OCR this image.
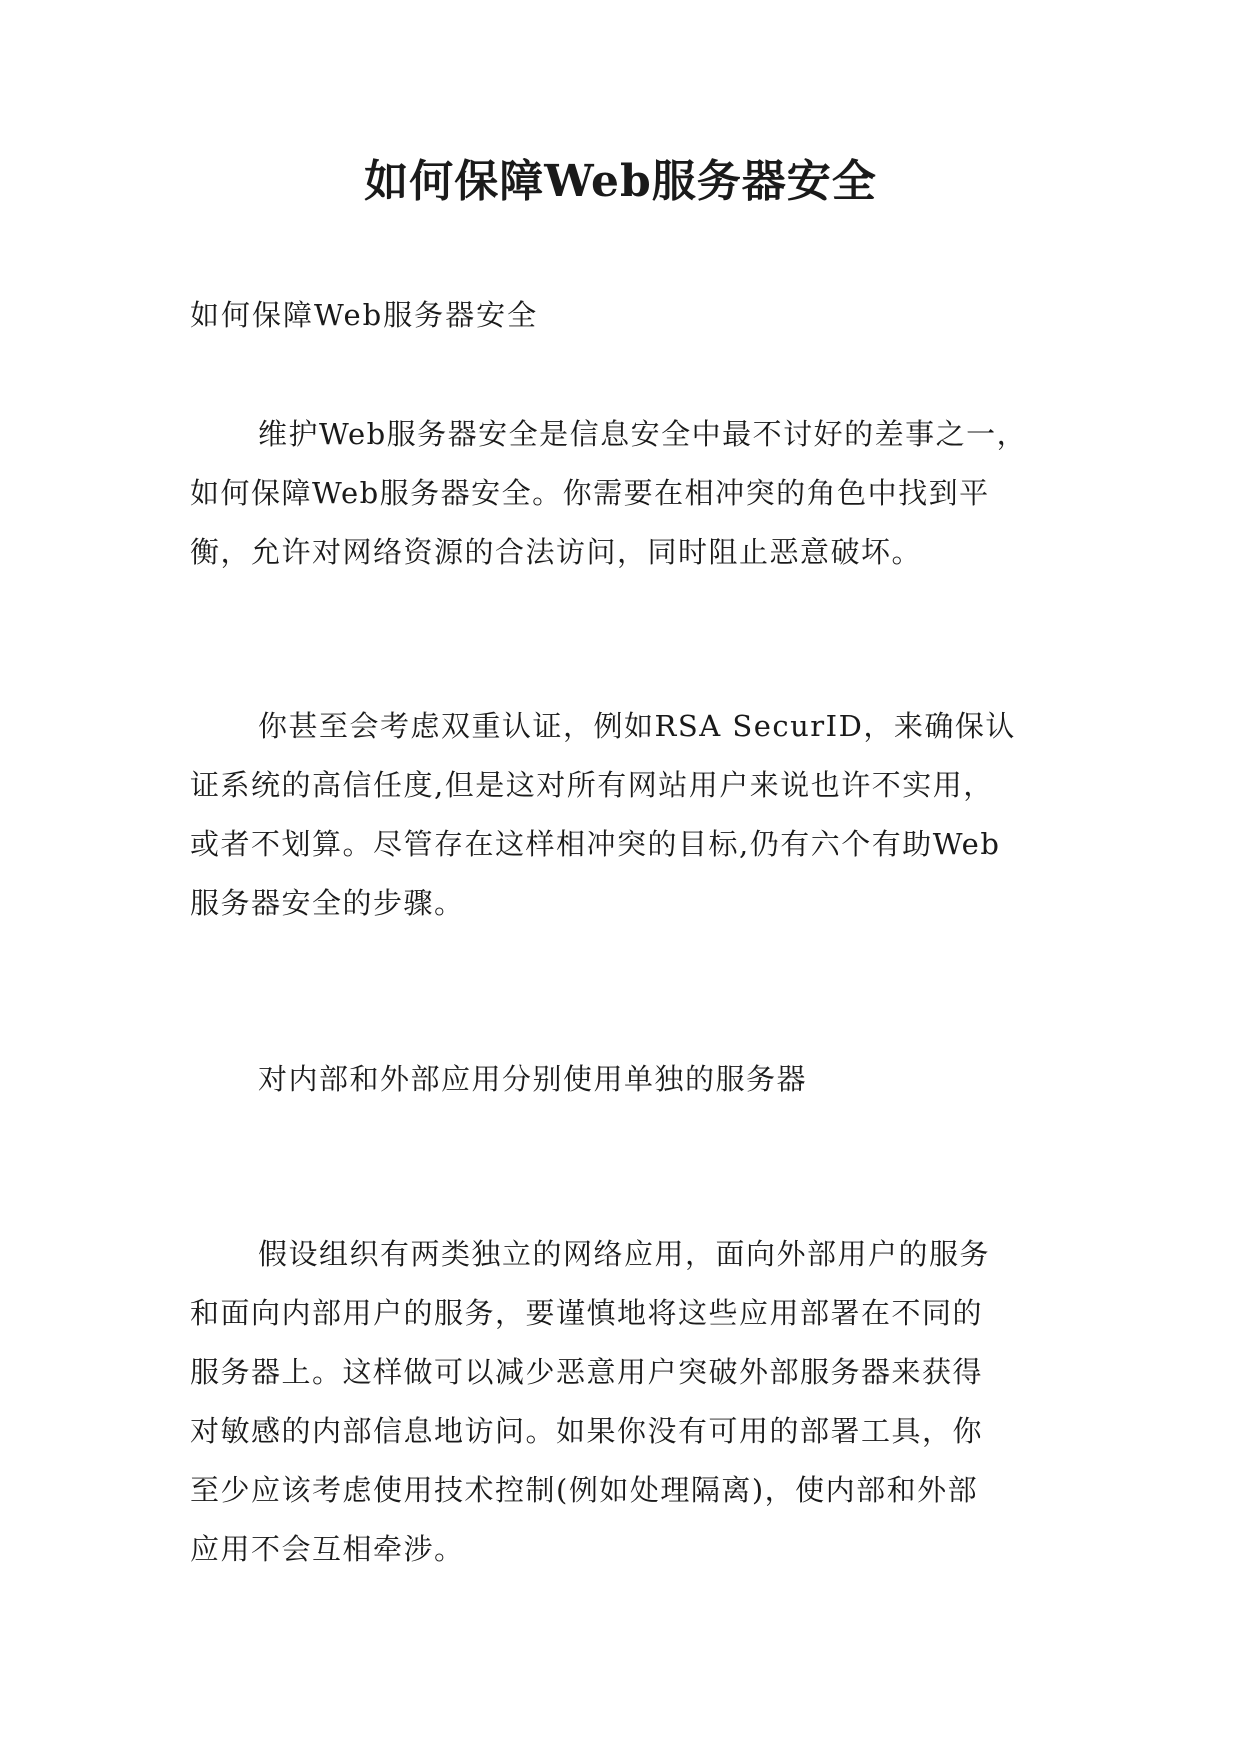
如何保障Web服务器安全

如何保障Web服务器安全

维护Web服务器安全是信息安全中最不讨好的差事之一，
如何保障Web服务器安全。你需要在相冲突的角色中找到平
衡，允许对网络资源的合法访问，同时阻止恶意破坏。
你甚至会考虑双重认证，例如RSA SecurID，来确保认
证系统的高信任度,但是这对所有网站用户来说也许不实用，
或者不划算。尽管存在这样相冲突的目标,仍有六个有助Web
服务器安全的步骤。
对内部和外部应用分别使用单独的服务器
假设组织有两类独立的网络应用，面向外部用户的服务
和面向内部用户的服务，要谨慎地将这些应用部署在不同的
服务器上。这样做可以减少恶意用户突破外部服务器来获得
对敏感的内部信息地访问。如果你没有可用的部署工具，你
至少应该考虑使用技术控制(例如处理隔离)，使内部和外部
应用不会互相牵涉。
